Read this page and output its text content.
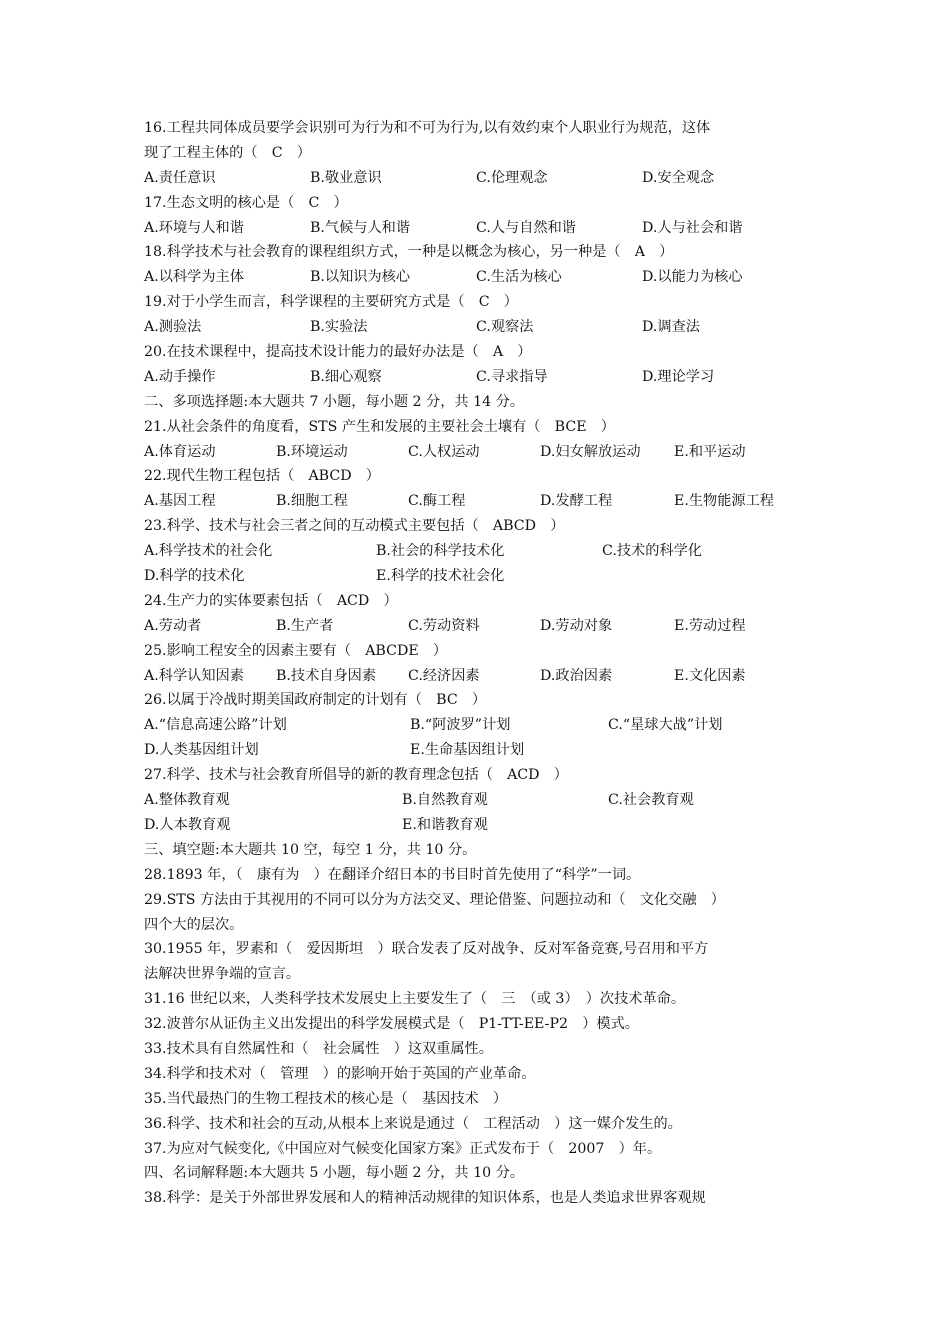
16.工程共同体成员要学会识别可为行为和不可为行为,以有效约束个人职业行为规范，这体
现了工程主体的（　C　）
A.责任意识	B.敬业意识	C.伦理观念	D.安全观念
17.生态文明的核心是（　C　）
A.环境与人和谐	B.气候与人和谐	C.人与自然和谐	D.人与社会和谐
18.科学技术与社会教育的课程组织方式，一种是以概念为核心，另一种是（　A　）
A.以科学为主体	B.以知识为核心	C.生活为核心	D.以能力为核心
19.对于小学生而言，科学课程的主要研究方式是（　C　）
A.测验法	B.实验法	C.观察法	D.调查法
20.在技术课程中，提高技术设计能力的最好办法是（　A　）
A.动手操作	B.细心观察	C.寻求指导	D.理论学习
二、多项选择题:本大题共 7 小题，每小题 2 分，共 14 分。
21.从社会条件的角度看，STS 产生和发展的主要社会土壤有（　BCE　）
A.体育运动	B.环境运动	C.人权运动	D.妇女解放运动 E.和平运动
22.现代生物工程包括（　ABCD　）
A.基因工程	B.细胞工程	C.酶工程	D.发酵工程	E.生物能源工程
23.科学、技术与社会三者之间的互动模式主要包括（　ABCD　）
A.科学技术的社会化	B.社会的科学技术化	C.技术的科学化
D.科学的技术化	E.科学的技术社会化
24.生产力的实体要素包括（　ACD　）
A.劳动者	B.生产者	C.劳动资料	D.劳动对象	E.劳动过程
25.影响工程安全的因素主要有（　ABCDE　）
A.科学认知因素 B.技术自身因素 C.经济因素	D.政治因素	E.文化因素
26.以属于冷战时期美国政府制定的计划有（　BC　）
A.“信息高速公路”计划	B.“阿波罗”计划	C.“星球大战”计划
D.人类基因组计划	E.生命基因组计划
27.科学、技术与社会教育所倡导的新的教育理念包括（　ACD　）
A.整体教育观	B.自然教育观	C.社会教育观
D.人本教育观	E.和谐教育观
三、填空题:本大题共 10 空，每空 1 分，共 10 分。
28.1893 年，（　康有为　）在翻译介绍日本的书目时首先使用了“科学”一词。
29.STS 方法由于其视用的不同可以分为方法交叉、理论借鉴、问题拉动和（　文化交融　）
四个大的层次。
30.1955 年，罗素和（　爱因斯坦　）联合发表了反对战争、反对军备竞赛,号召用和平方
法解决世界争端的宣言。
31.16 世纪以来，人类科学技术发展史上主要发生了（　三　（或 3）　）次技术革命。
32.波普尔从证伪主义出发提出的科学发展模式是（　P1-TT-EE-P2　）模式。
33.技术具有自然属性和（　社会属性　）这双重属性。
34.科学和技术对（　管理　）的影响开始于英国的产业革命。
35.当代最热门的生物工程技术的核心是（　基因技术　）
36.科学、技术和社会的互动,从根本上来说是通过（　工程活动　）这一媒介发生的。
37.为应对气候变化,《中国应对气候变化国家方案》正式发布于（　2007　）年。
四、名词解释题:本大题共 5 小题，每小题 2 分，共 10 分。
38.科学：是关于外部世界发展和人的精神活动规律的知识体系，也是人类追求世界客观规
